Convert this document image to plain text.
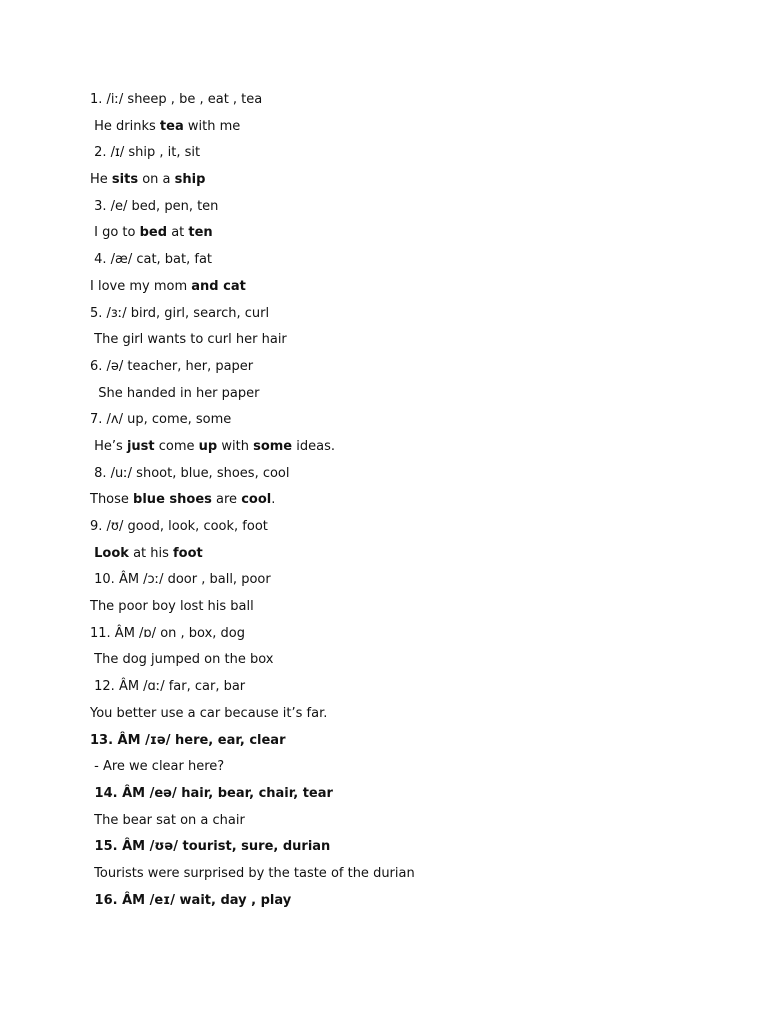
1. /iː/ sheep , be , eat , tea
He drinks tea with me
2. /ɪ/ ship , it, sit
He sits on a ship
3. /e/ bed, pen, ten
I go to bed at ten
4. /æ/ cat, bat, fat
I love my mom and cat
5. /ɜː/ bird, girl, search, curl
The girl wants to curl her hair
6. /ə/ teacher, her, paper
She handed in her paper
7. /ʌ/ up, come, some
He’s just come up with some ideas.
8. /uː/ shoot, blue, shoes, cool
Those blue shoes are cool.
9. /ʊ/ good, look, cook, foot
Look at his foot
10. ÂM /ɔː/ door , ball, poor
The poor boy lost his ball
11. ÂM /ɒ/ on , box, dog
The dog jumped on the box
12. ÂM /ɑː/ far, car, bar
You better use a car because it’s far.
13. ÂM /ɪə/ here, ear, clear
- Are we clear here?
14. ÂM /eə/ hair, bear, chair, tear
The bear sat on a chair
15. ÂM /ʊə/ tourist, sure, durian
Tourists were surprised by the taste of the durian
16. ÂM /eɪ/ wait, day , play
